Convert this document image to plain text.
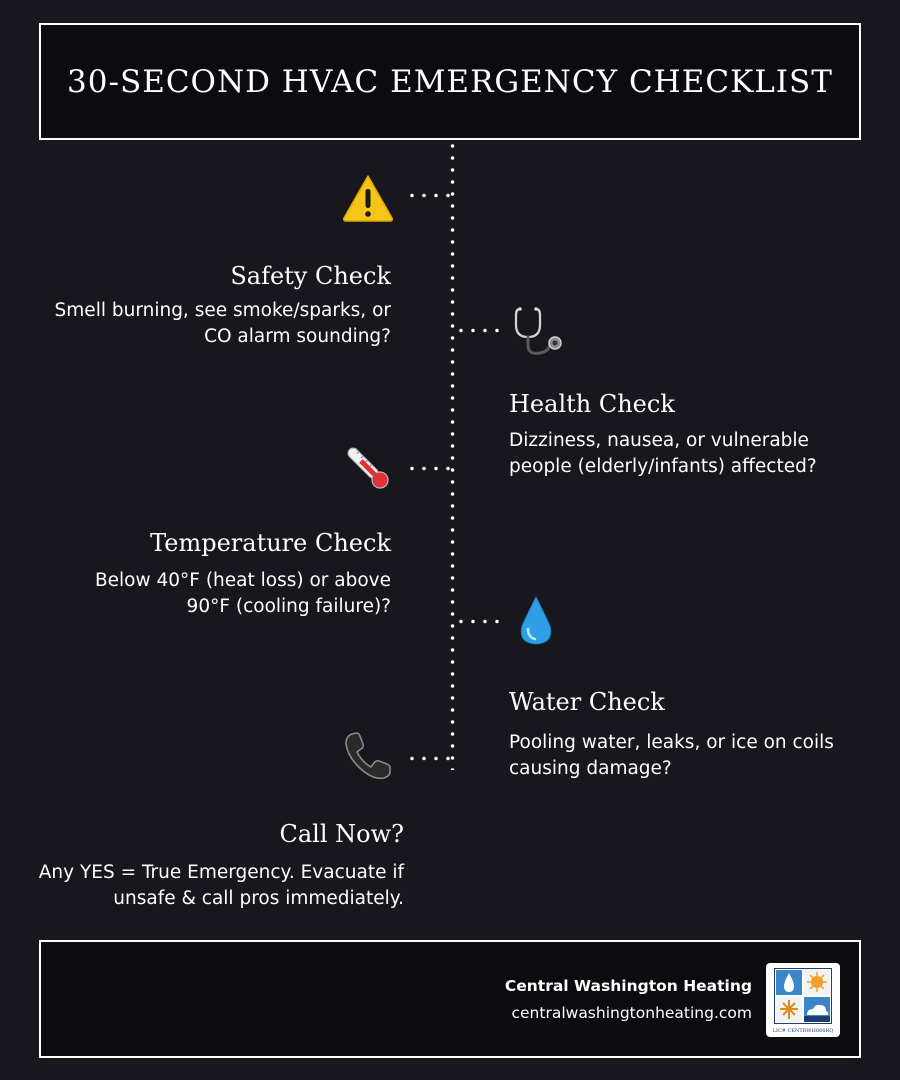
30-SECOND HVAC EMERGENCY CHECKLIST
Safety Check

Smell burning, see smoke/sparks, or CO alarm sounding?

Health Check

Dizziness, nausea, or vulnerable people (elderly/infants) affected?

Temperature Check

Below 40°F (heat loss) or above 90°F (cooling failure)?

Water Check

Pooling water, leaks, or ice on coils causing damage?

Call Now?

Any YES = True Emergency. Evacuate if unsafe & call pros immediately.

Central Washington Heating
centralwashingtonheating.com
LIC# CENTRWH866RQ
